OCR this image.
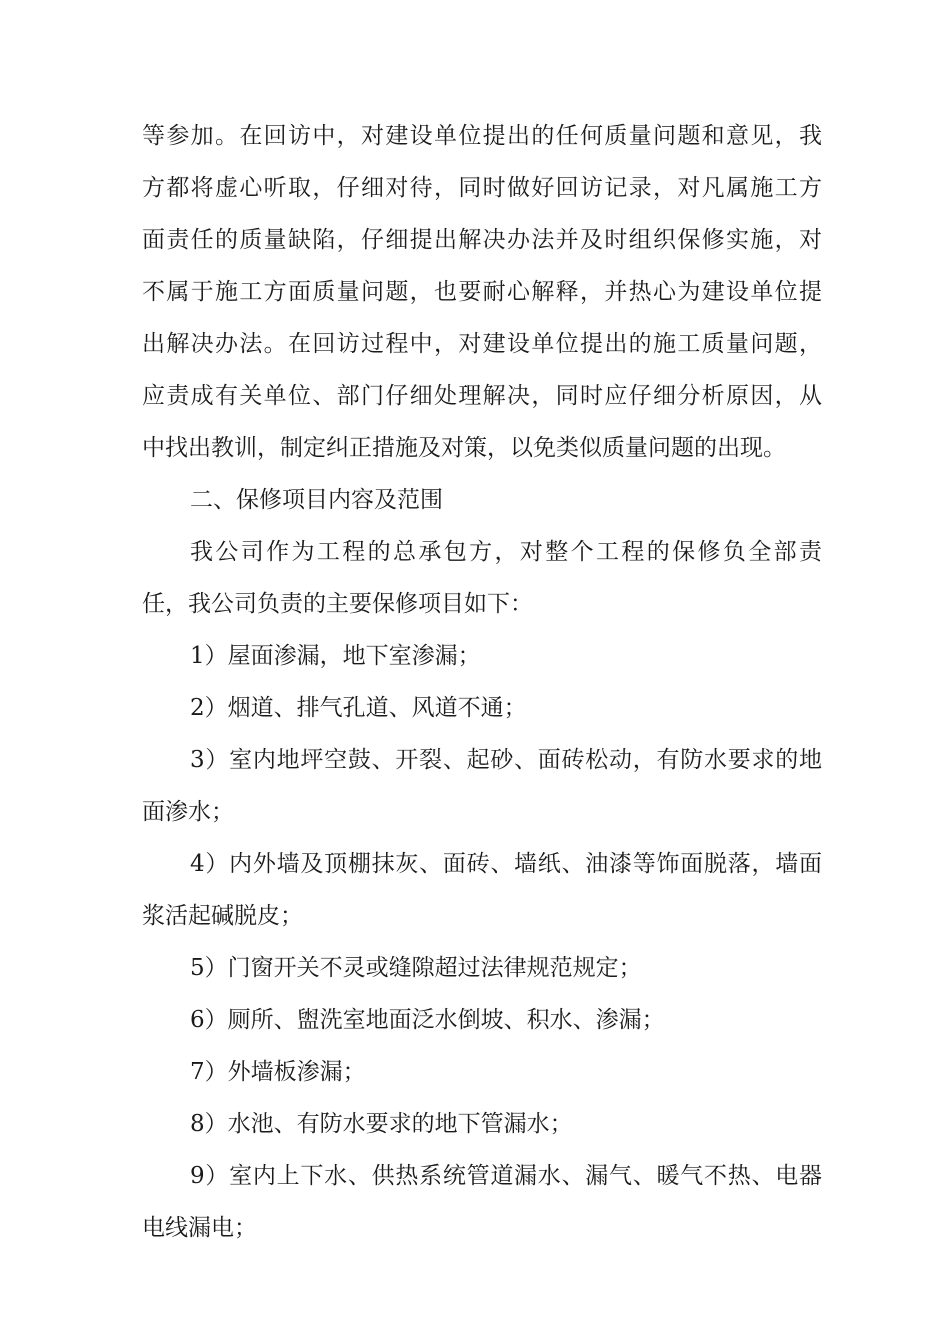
等参加。在回访中，对建设单位提出的任何质量问题和意见，我
方都将虚心听取，仔细对待，同时做好回访记录，对凡属施工方
面责任的质量缺陷，仔细提出解决办法并及时组织保修实施，对
不属于施工方面质量问题，也要耐心解释，并热心为建设单位提
出解决办法。在回访过程中，对建设单位提出的施工质量问题，
应责成有关单位、部门仔细处理解决，同时应仔细分析原因，从
中找出教训，制定纠正措施及对策，以免类似质量问题的出现。
二、保修项目内容及范围
我公司作为工程的总承包方，对整个工程的保修负全部责
任，我公司负责的主要保修项目如下：
1）屋面渗漏，地下室渗漏；
2）烟道、排气孔道、风道不通；
3）室内地坪空鼓、开裂、起砂、面砖松动，有防水要求的地
面渗水；
4）内外墙及顶棚抹灰、面砖、墙纸、油漆等饰面脱落，墙面
浆活起碱脱皮；
5）门窗开关不灵或缝隙超过法律规范规定；
6）厕所、盥洗室地面泛水倒坡、积水、渗漏；
7）外墙板渗漏；
8）水池、有防水要求的地下管漏水；
9）室内上下水、供热系统管道漏水、漏气、暖气不热、电器
电线漏电；
